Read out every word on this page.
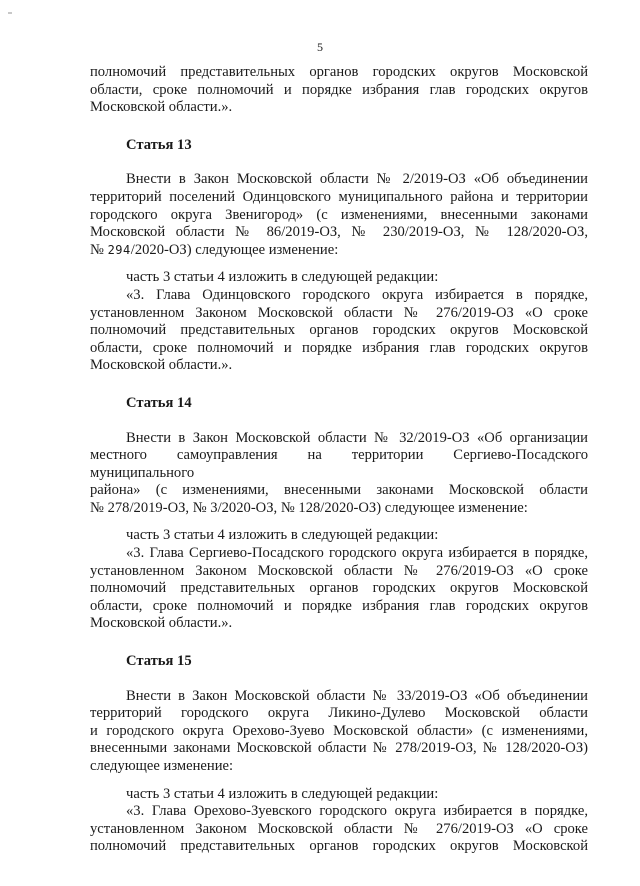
5
полномочий представительных органов городских округов Московской
области, сроке полномочий и порядке избрания глав городских округов
Московской области.».
Статья 13
Внести в Закон Московской области № 2/2019-ОЗ «Об объединении
территорий поселений Одинцовского муниципального района и территории
городского округа Звенигород» (с изменениями, внесенными законами
Московской области № 86/2019-ОЗ, № 230/2019-ОЗ, № 128/2020-ОЗ,
№ 294/2020-ОЗ) следующее изменение:
часть 3 статьи 4 изложить в следующей редакции:
«3. Глава Одинцовского городского округа избирается в порядке,
установленном Законом Московской области № 276/2019-ОЗ «О сроке
полномочий представительных органов городских округов Московской
области, сроке полномочий и порядке избрания глав городских округов
Московской области.».
Статья 14
Внести в Закон Московской области № 32/2019-ОЗ «Об организации
местного самоуправления на территории Сергиево-Посадского муниципального
района» (с изменениями, внесенными законами Московской области
№ 278/2019-ОЗ, № 3/2020-ОЗ, № 128/2020-ОЗ) следующее изменение:
часть 3 статьи 4 изложить в следующей редакции:
«3. Глава Сергиево-Посадского городского округа избирается в порядке,
установленном Законом Московской области № 276/2019-ОЗ «О сроке
полномочий представительных органов городских округов Московской
области, сроке полномочий и порядке избрания глав городских округов
Московской области.».
Статья 15
Внести в Закон Московской области № 33/2019-ОЗ «Об объединении
территорий городского округа Ликино-Дулево Московской области
и городского округа Орехово-Зуево Московской области» (с изменениями,
внесенными законами Московской области № 278/2019-ОЗ, № 128/2020-ОЗ)
следующее изменение:
часть 3 статьи 4 изложить в следующей редакции:
«3. Глава Орехово-Зуевского городского округа избирается в порядке,
установленном Законом Московской области № 276/2019-ОЗ «О сроке
полномочий представительных органов городских округов Московской
